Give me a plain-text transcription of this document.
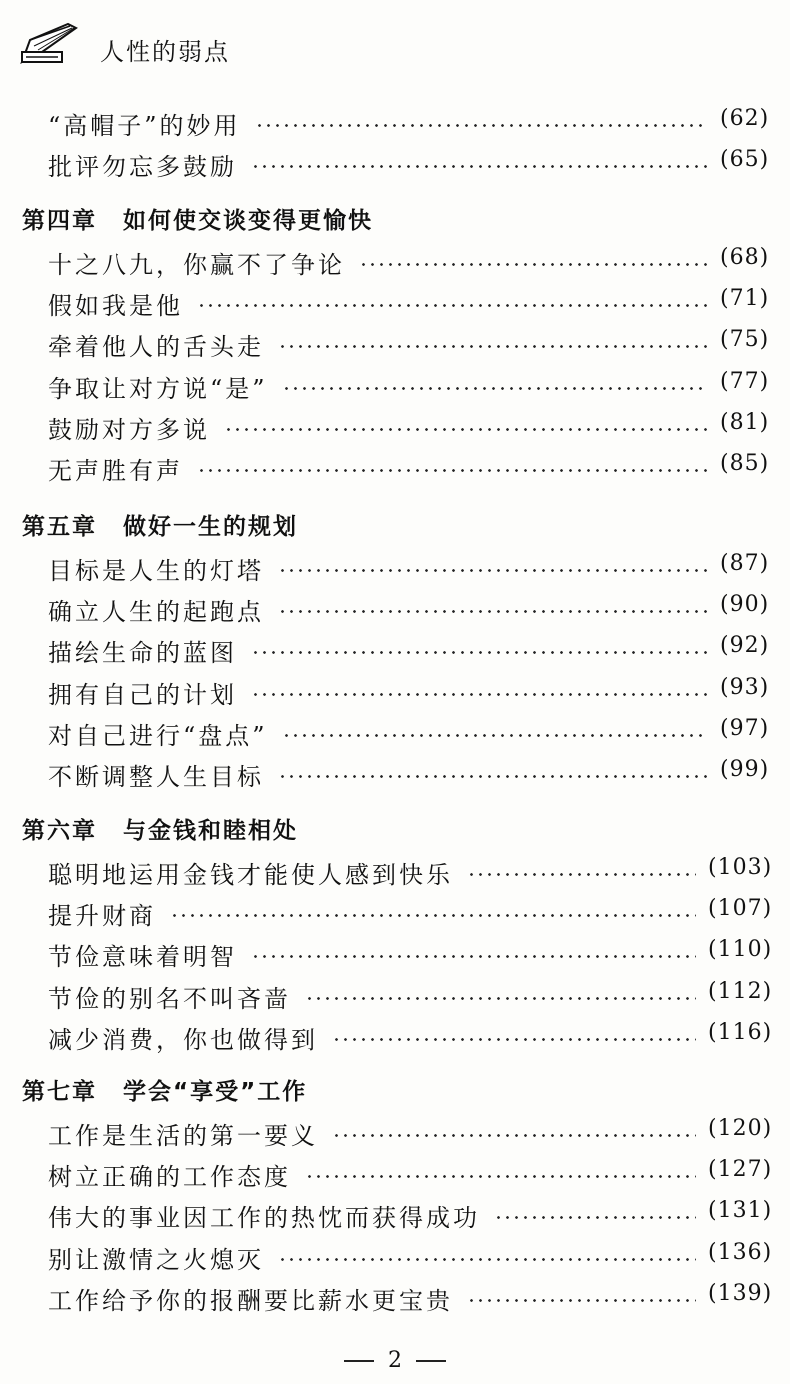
人性的弱点
“高帽子”的妙用	(62)
批评勿忘多鼓励	(65)
第四章 如何使交谈变得更愉快
十之八九，你赢不了争论	(68)
假如我是他	(71)
牵着他人的舌头走	(75)
争取让对方说“是”	(77)
鼓励对方多说	(81)
无声胜有声	(85)
第五章 做好一生的规划
目标是人生的灯塔	(87)
确立人生的起跑点	(90)
描绘生命的蓝图	(92)
拥有自己的计划	(93)
对自己进行“盘点”	(97)
不断调整人生目标	(99)
第六章 与金钱和睦相处
聪明地运用金钱才能使人感到快乐	(103)
提升财商	(107)
节俭意味着明智	(110)
节俭的别名不叫吝啬	(112)
减少消费，你也做得到	(116)
第七章 学会“享受”工作
工作是生活的第一要义	(120)
树立正确的工作态度	(127)
伟大的事业因工作的热忱而获得成功	(131)
别让激情之火熄灭	(136)
工作给予你的报酬要比薪水更宝贵	(139)
2
